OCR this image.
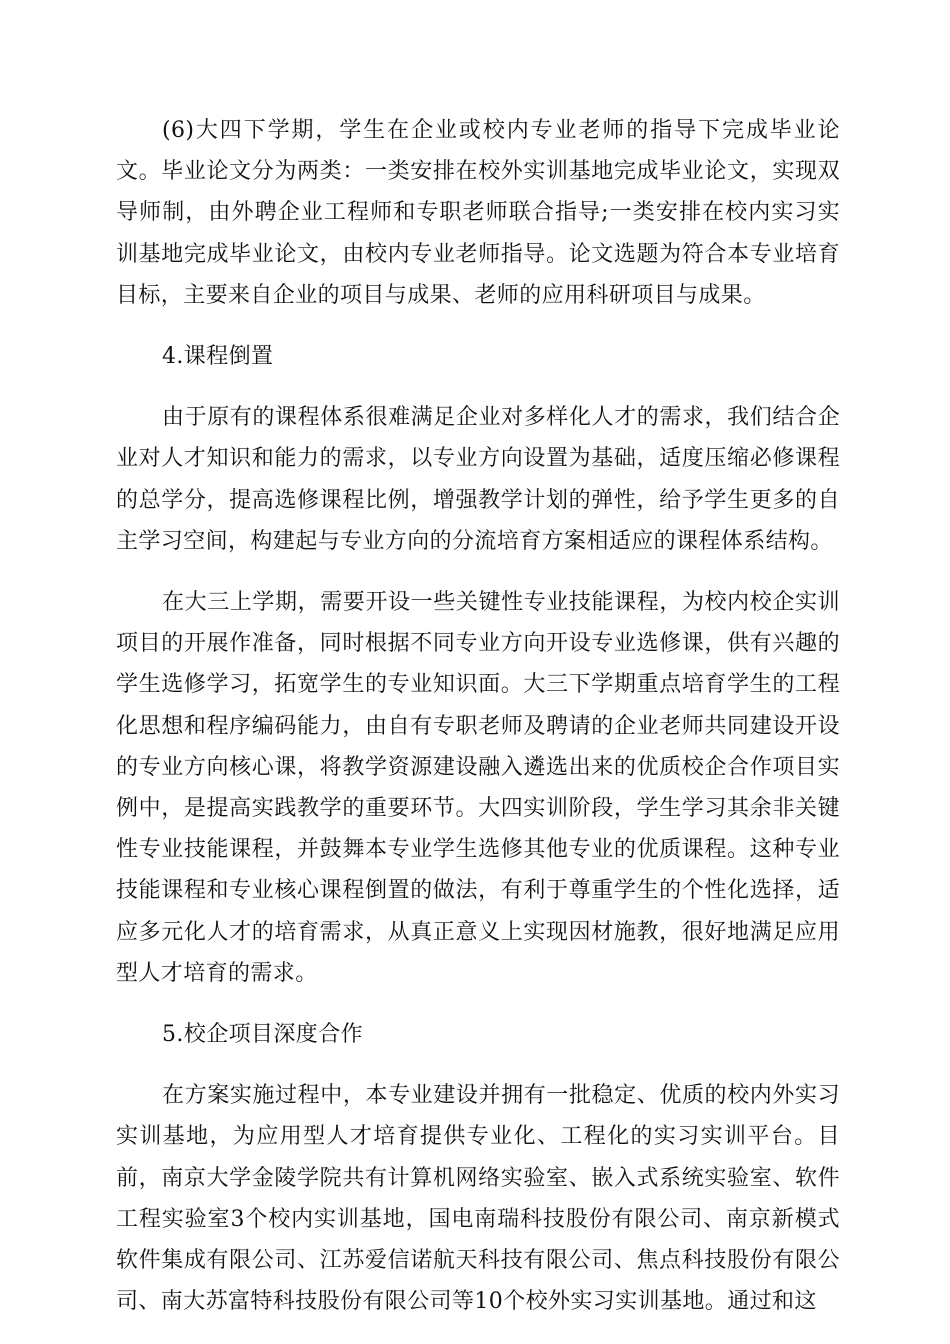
(6)大四下学期，学生在企业或校内专业老师的指导下完成毕业论文。毕业论文分为两类：一类安排在校外实训基地完成毕业论文，实现双导师制，由外聘企业工程师和专职老师联合指导;一类安排在校内实习实训基地完成毕业论文，由校内专业老师指导。论文选题为符合本专业培育目标，主要来自企业的项目与成果、老师的应用科研项目与成果。

4.课程倒置

由于原有的课程体系很难满足企业对多样化人才的需求，我们结合企业对人才知识和能力的需求，以专业方向设置为基础，适度压缩必修课程的总学分，提高选修课程比例，增强教学计划的弹性，给予学生更多的自主学习空间，构建起与专业方向的分流培育方案相适应的课程体系结构。

在大三上学期，需要开设一些关键性专业技能课程，为校内校企实训项目的开展作准备，同时根据不同专业方向开设专业选修课，供有兴趣的学生选修学习，拓宽学生的专业知识面。大三下学期重点培育学生的工程化思想和程序编码能力，由自有专职老师及聘请的企业老师共同建设开设的专业方向核心课，将教学资源建设融入遴选出来的优质校企合作项目实例中，是提高实践教学的重要环节。大四实训阶段，学生学习其余非关键性专业技能课程，并鼓舞本专业学生选修其他专业的优质课程。这种专业技能课程和专业核心课程倒置的做法，有利于尊重学生的个性化选择，适应多元化人才的培育需求，从真正意义上实现因材施教，很好地满足应用型人才培育的需求。

5.校企项目深度合作

在方案实施过程中，本专业建设并拥有一批稳定、优质的校内外实习实训基地，为应用型人才培育提供专业化、工程化的实习实训平台。目前，南京大学金陵学院共有计算机网络实验室、嵌入式系统实验室、软件工程实验室3个校内实训基地，国电南瑞科技股份有限公司、南京新模式软件集成有限公司、江苏爱信诺航天科技有限公司、焦点科技股份有限公司、南大苏富特科技股份有限公司等10个校外实习实训基地。通过和这
